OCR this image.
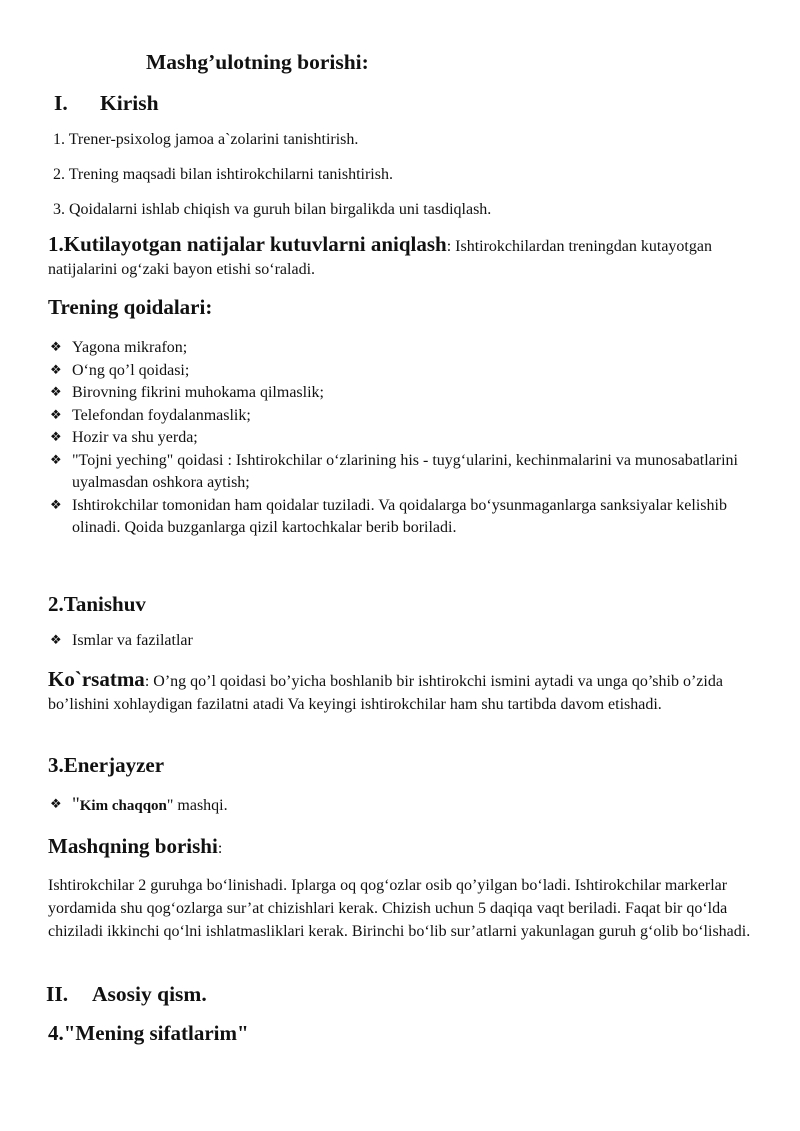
Mashg’ulotning borishi:
I. Kirish
1. Trener-psixolog jamoa a`zolarini tanishtirish.
2. Trening maqsadi bilan ishtirokchilarni tanishtirish.
3. Qoidalarni ishlab chiqish va guruh bilan birgalikda uni tasdiqlash.
1.Kutilayotgan natijalar kutuvlarni aniqlash: Ishtirokchilardan treningdan kutayotgan natijalarini og‘zaki bayon etishi so‘raladi.
Trening qoidalari:
❖ Yagona mikrafon;
❖ O‘ng qo’l qoidasi;
❖ Birovning fikrini muhokama qilmaslik;
❖ Telefondan foydalanmaslik;
❖ Hozir va shu yerda;
❖ "Tojni yeching" qoidasi : Ishtirokchilar o‘zlarining his - tuyg‘ularini, kechinmalarini va munosabatlarini uyalmasdan oshkora aytish;
❖ Ishtirokchilar tomonidan ham qoidalar tuziladi. Va qoidalarga bo‘ysunmaganlarga sanksiyalar kelishib olinadi. Qoida buzganlarga qizil kartochkalar berib boriladi.
2.Tanishuv
❖ Ismlar va fazilatlar
Ko`rsatma: O’ng qo’l qoidasi bo’yicha boshlanib bir ishtirokchi ismini aytadi va unga qo’shib o’zida bo’lishini xohlaydigan fazilatni atadi Va keyingi ishtirokchilar ham shu tartibda davom etishadi.
3.Enerjayzer
❖ "Kim chaqqon" mashqi.
Mashqning borishi:
Ishtirokchilar 2 guruhga bo‘linishadi. Iplarga oq qog‘ozlar osib qo’yilgan bo‘ladi. Ishtirokchilar markerlar yordamida shu qog‘ozlarga sur’at chizishlari kerak. Chizish uchun 5 daqiqa vaqt beriladi. Faqat bir qo‘lda chiziladi ikkinchi qo‘lni ishlatmasliklari kerak. Birinchi bo‘lib sur’atlarni yakunlagan guruh g‘olib bo‘lishadi.
II. Asosiy qism.
4."Mening sifatlarim"
